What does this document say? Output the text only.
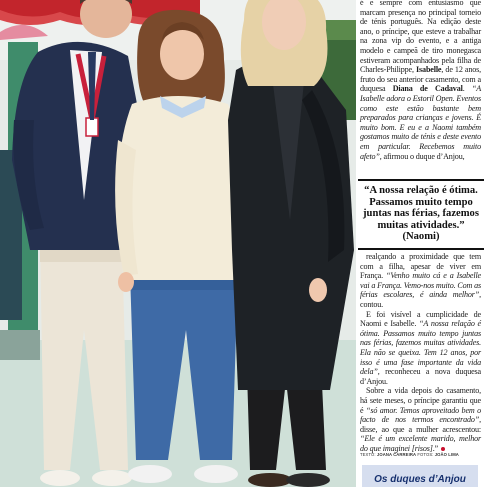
é e sempre com entusiasmo que marcam presença no principal torneio de ténis português. Na edição deste ano, o príncipe, que esteve a trabalhar na zona vip do evento, e a antiga modelo e campeã de tiro monegasca estiveram acompanhados pela filha de Charles-Philippe, Isabelle, de 12 anos, fruto do seu anterior casamento, com a duquesa Diana de Cadaval. “A Isabelle adora o Estoril Open. Eventos como este estão bastante bem preparados para crianças e jovens. É muito bom. E eu e a Naomi também gostamos muito de ténis e deste evento em particular. Recebemos muito afeto”, afirmou o duque d’Anjou,

“A nossa relação é ótima. Passamos muito tempo juntas nas férias, fazemos muitas atividades.” (Naomi)

realçando a proximidade que tem com a filha, apesar de viver em França. “Venho muito cá e a Isabelle vai a França. Vemo-nos muito. Com as férias escolares, é ainda melhor”, contou.

E foi visível a cumplicidade de Naomi e Isabelle. “A nossa relação é ótima. Passamos muito tempo juntas nas férias, fazemos muitas atividades. Ela não se queixa. Tem 12 anos, por isso é uma fase importante da vida dela”, reconheceu a nova duquesa d’Anjou.

Sobre a vida depois do casamento, há sete meses, o príncipe garantiu que é “só amor. Temos aproveitado bem o facto de nos termos encontrado”, disse, ao que a mulher acrescentou: “Ele é um excelente marido, melhor do que imaginei [risos].”

TEXTO: JOANA CARREIRA FOTOS: JOÃO LIMA
Os duques d’Anjou
